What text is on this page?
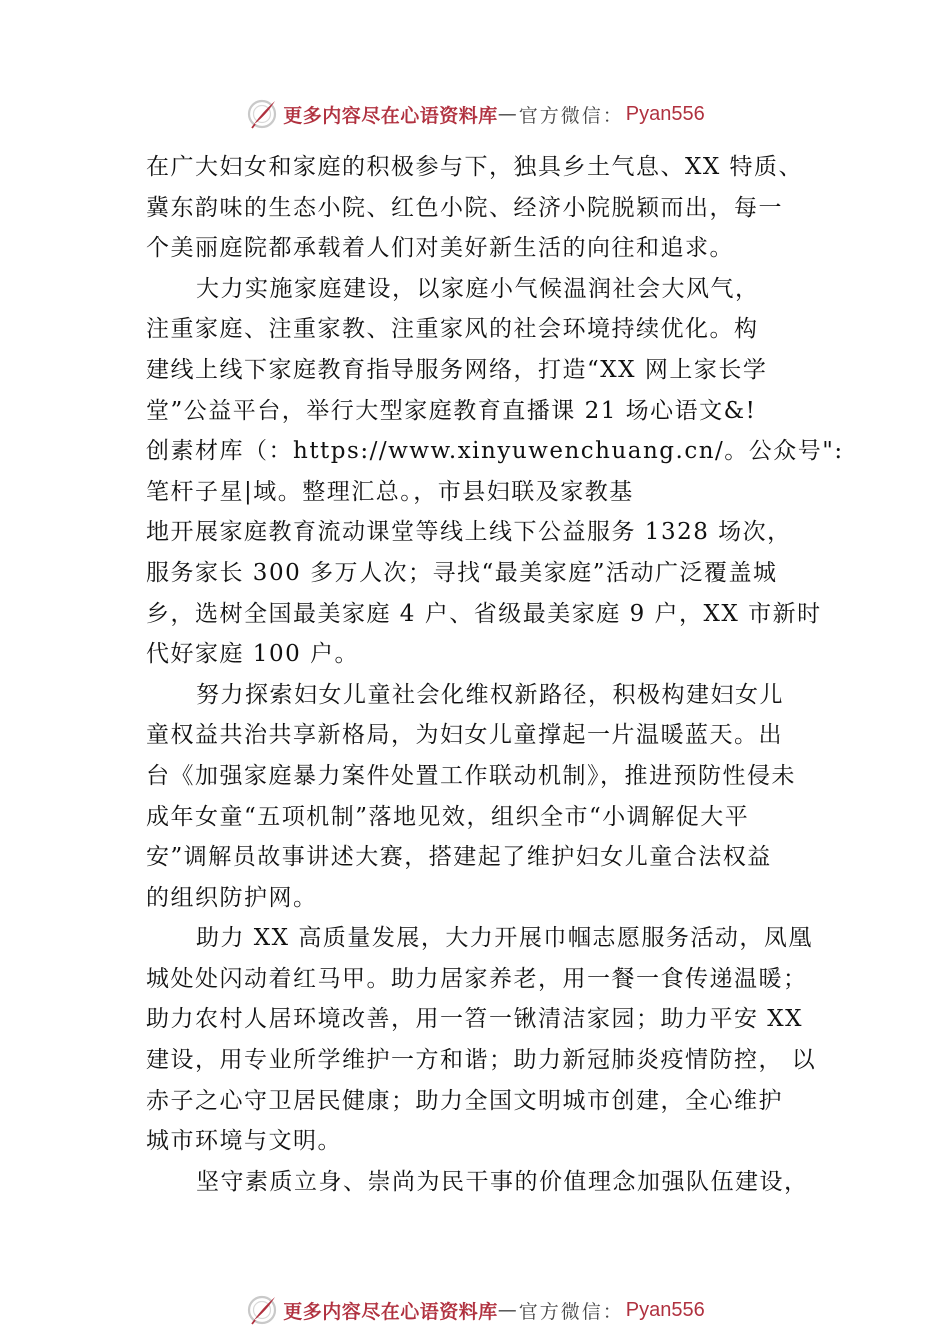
更多内容尽在心语资料库 — 官方微信： Pyan556

在广大妇女和家庭的积极参与下，独具乡土气息、XX 特质、
冀东韵味的生态小院、红色小院、经济小院脱颖而出，每一
个美丽庭院都承载着人们对美好新生活的向往和追求。

大力实施家庭建设，以家庭小气候温润社会大风气，
注重家庭、注重家教、注重家风的社会环境持续优化。构
建线上线下家庭教育指导服务网络，打造“XX 网上家长学
堂”公益平台，举行大型家庭教育直播课 21 场心语文&!
创素材库（：https://www.xinyuwenchuang.cn/。公众号":
笔杆子星|域。整理汇总。，市县妇联及家教基
地开展家庭教育流动课堂等线上线下公益服务 1328 场次，
服务家长 300 多万人次；寻找“最美家庭”活动广泛覆盖城
乡，选树全国最美家庭 4 户、省级最美家庭 9 户，XX 市新时
代好家庭 100 户。

努力探索妇女儿童社会化维权新路径，积极构建妇女儿
童权益共治共享新格局，为妇女儿童撑起一片温暖蓝天。出
台《加强家庭暴力案件处置工作联动机制》，推进预防性侵未
成年女童“五项机制”落地见效，组织全市“小调解促大平
安”调解员故事讲述大赛，搭建起了维护妇女儿童合法权益
的组织防护网。

助力 XX 高质量发展，大力开展巾帼志愿服务活动，凤凰
城处处闪动着红马甲。助力居家养老，用一餐一食传递温暖；
助力农村人居环境改善，用一笤一锹清洁家园；助力平安 XX
建设，用专业所学维护一方和谐；助力新冠肺炎疫情防控， 以
赤子之心守卫居民健康；助力全国文明城市创建，全心维护
城市环境与文明。

坚守素质立身、崇尚为民干事的价值理念加强队伍建设，

更多内容尽在心语资料库 — 官方微信： Pyan556
